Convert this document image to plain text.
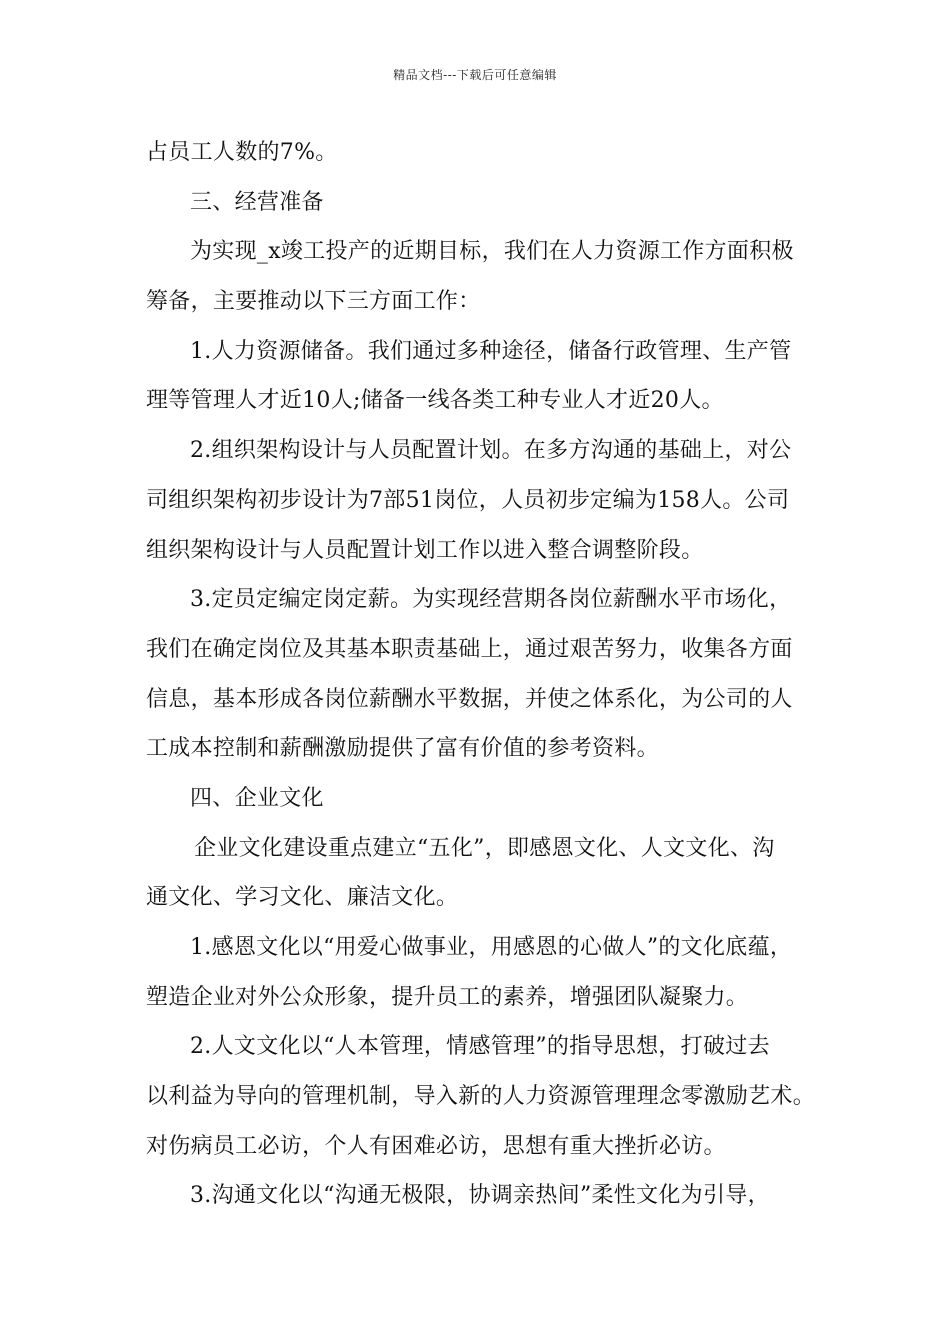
精品文档---下载后可任意编辑
占员工人数的7%。
三、经营准备
为实现_x竣工投产的近期目标，我们在人力资源工作方面积极
筹备，主要推动以下三方面工作：
1.人力资源储备。我们通过多种途径，储备行政管理、生产管
理等管理人才近10人;储备一线各类工种专业人才近20人。
2.组织架构设计与人员配置计划。在多方沟通的基础上，对公
司组织架构初步设计为7部51岗位，人员初步定编为158人。公司
组织架构设计与人员配置计划工作以进入整合调整阶段。
3.定员定编定岗定薪。为实现经营期各岗位薪酬水平市场化，
我们在确定岗位及其基本职责基础上，通过艰苦努力，收集各方面
信息，基本形成各岗位薪酬水平数据，并使之体系化，为公司的人
工成本控制和薪酬激励提供了富有价值的参考资料。
四、企业文化
企业文化建设重点建立“五化”，即感恩文化、人文文化、沟
通文化、学习文化、廉洁文化。
1.感恩文化以“用爱心做事业，用感恩的心做人”的文化底蕴，
塑造企业对外公众形象，提升员工的素养，增强团队凝聚力。
2.人文文化以“人本管理，情感管理”的指导思想，打破过去
以利益为导向的管理机制，导入新的人力资源管理理念零激励艺术。
对伤病员工必访，个人有困难必访，思想有重大挫折必访。
3.沟通文化以“沟通无极限，协调亲热间”柔性文化为引导，
